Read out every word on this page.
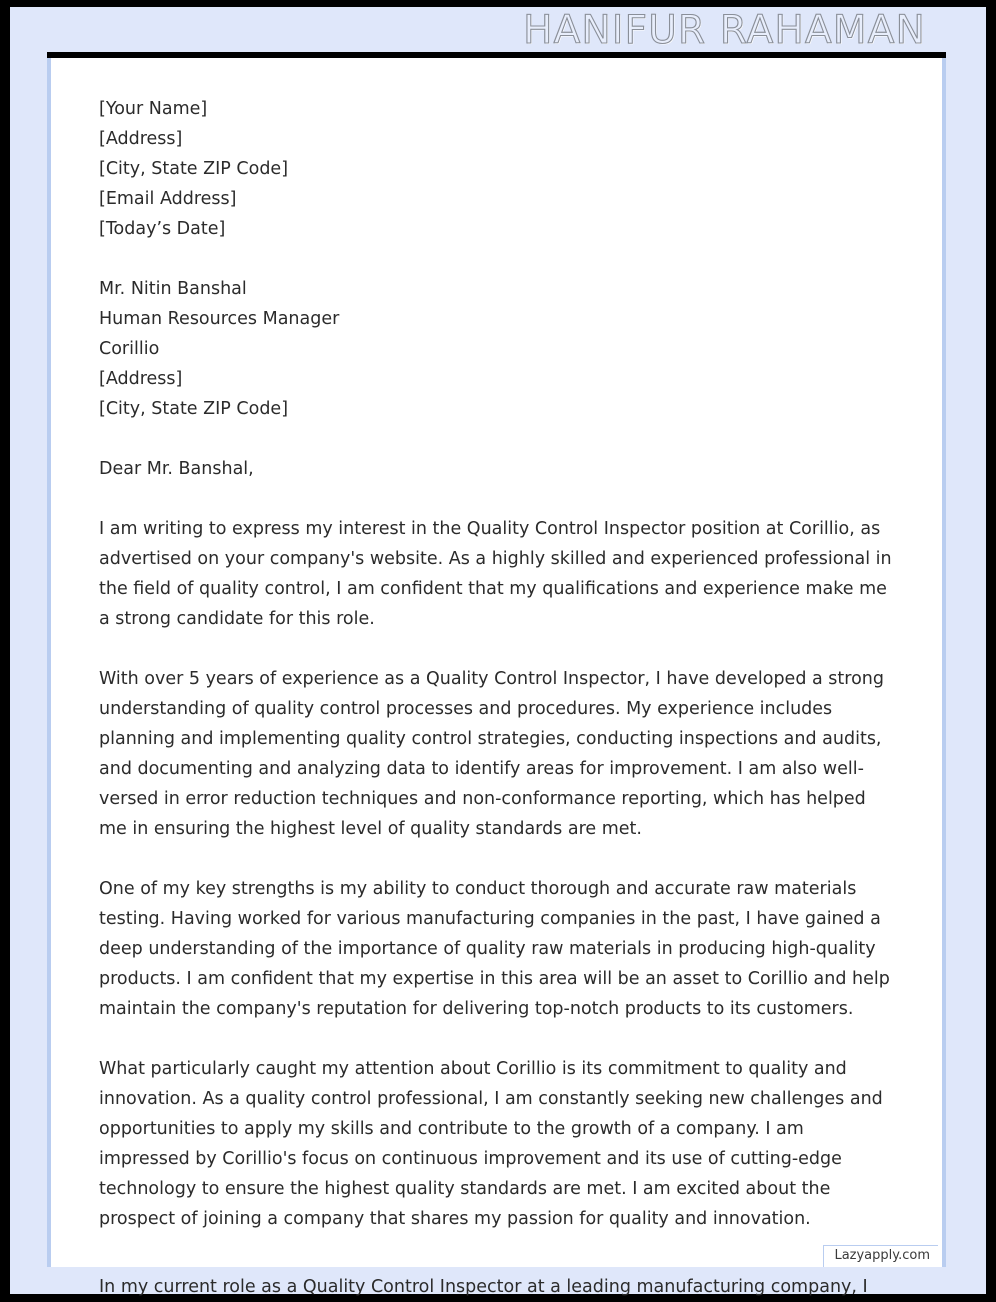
HANIFUR RAHAMAN
[Your Name]
[Address]
[City, State ZIP Code]
[Email Address]
[Today’s Date]
Mr. Nitin Banshal
Human Resources Manager
Corillio
[Address]
[City, State ZIP Code]
Dear Mr. Banshal,

I am writing to express my interest in the Quality Control Inspector position at Corillio, as advertised on your company's website. As a highly skilled and experienced professional in the field of quality control, I am confident that my qualifications and experience make me a strong candidate for this role.

With over 5 years of experience as a Quality Control Inspector, I have developed a strong understanding of quality control processes and procedures. My experience includes planning and implementing quality control strategies, conducting inspections and audits, and documenting and analyzing data to identify areas for improvement. I am also well-versed in error reduction techniques and non-conformance reporting, which has helped me in ensuring the highest level of quality standards are met.

One of my key strengths is my ability to conduct thorough and accurate raw materials testing. Having worked for various manufacturing companies in the past, I have gained a deep understanding of the importance of quality raw materials in producing high-quality products. I am confident that my expertise in this area will be an asset to Corillio and help maintain the company's reputation for delivering top-notch products to its customers.

What particularly caught my attention about Corillio is its commitment to quality and innovation. As a quality control professional, I am constantly seeking new challenges and opportunities to apply my skills and contribute to the growth of a company. I am impressed by Corillio's focus on continuous improvement and its use of cutting-edge technology to ensure the highest quality standards are met. I am excited about the prospect of joining a company that shares my passion for quality and innovation.

Lazyapply.com
In my current role as a Quality Control Inspector at a leading manufacturing company, I
